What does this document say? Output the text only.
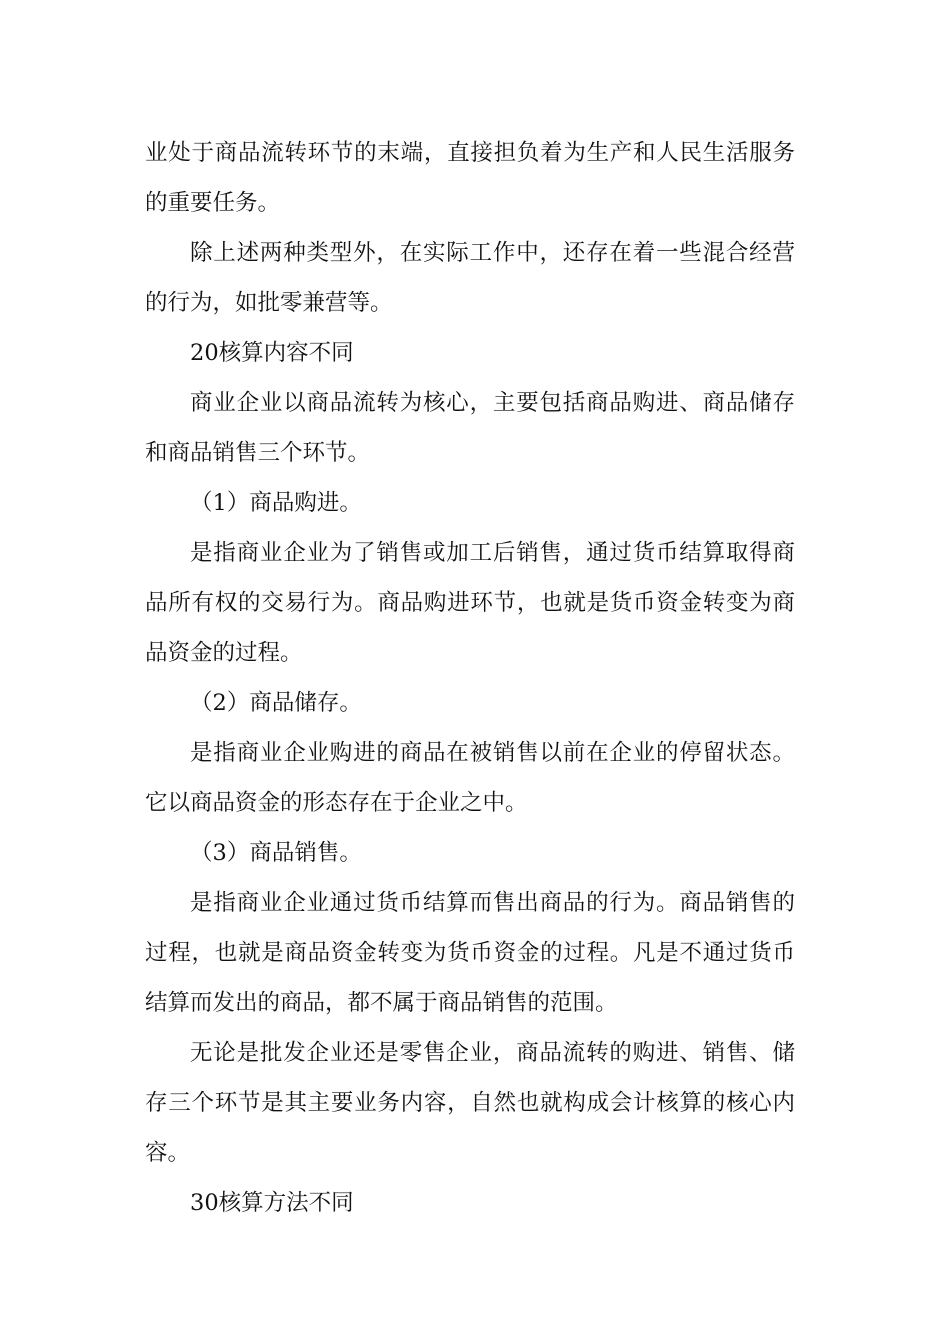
业处于商品流转环节的末端，直接担负着为生产和人民生活服务的重要任务。

除上述两种类型外，在实际工作中，还存在着一些混合经营的行为，如批零兼营等。

20核算内容不同

商业企业以商品流转为核心，主要包括商品购进、商品储存和商品销售三个环节。

（1）商品购进。

是指商业企业为了销售或加工后销售，通过货币结算取得商品所有权的交易行为。商品购进环节，也就是货币资金转变为商品资金的过程。

（2）商品储存。

是指商业企业购进的商品在被销售以前在企业的停留状态。它以商品资金的形态存在于企业之中。

（3）商品销售。

是指商业企业通过货币结算而售出商品的行为。商品销售的过程，也就是商品资金转变为货币资金的过程。凡是不通过货币结算而发出的商品，都不属于商品销售的范围。

无论是批发企业还是零售企业，商品流转的购进、销售、储存三个环节是其主要业务内容，自然也就构成会计核算的核心内容。

30核算方法不同
